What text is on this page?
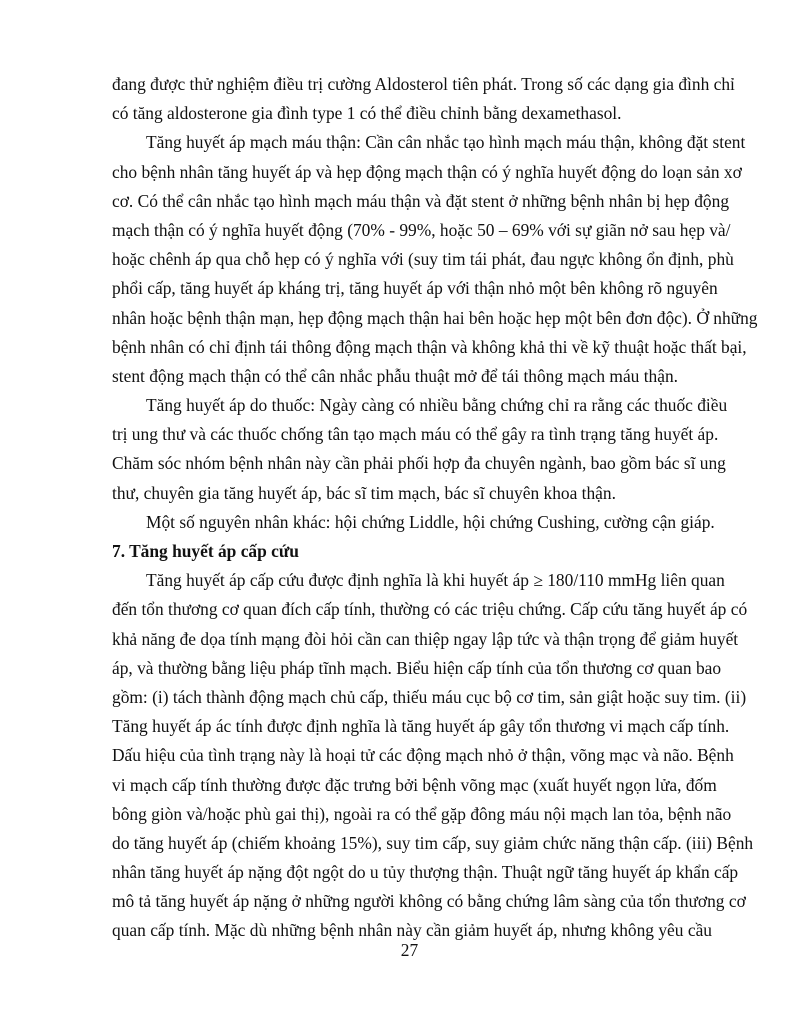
đang được thử nghiệm điều trị cường Aldosterol tiên phát. Trong số các dạng gia đình chỉ
có tăng aldosterone gia đình type 1 có thể điều chỉnh bằng dexamethasol.
Tăng huyết áp mạch máu thận: Cần cân nhắc tạo hình mạch máu thận, không đặt stent
cho bệnh nhân tăng huyết áp và hẹp động mạch thận có ý nghĩa huyết động do loạn sản xơ
cơ. Có thể cân nhắc tạo hình mạch máu thận và đặt stent ở những bệnh nhân bị hẹp động
mạch thận có ý nghĩa huyết động (70% - 99%, hoặc 50 – 69% với sự giãn nở sau hẹp và/
hoặc chênh áp qua chỗ hẹp có ý nghĩa với (suy tim tái phát, đau ngực không ổn định, phù
phổi cấp, tăng huyết áp kháng trị, tăng huyết áp với thận nhỏ một bên không rõ nguyên
nhân hoặc bệnh thận mạn, hẹp động mạch thận hai bên hoặc hẹp một bên đơn độc). Ở những
bệnh nhân có chỉ định tái thông động mạch thận và không khả thi về kỹ thuật hoặc thất bại,
stent động mạch thận có thể cân nhắc phẫu thuật mở để tái thông mạch máu thận.
Tăng huyết áp do thuốc: Ngày càng có nhiều bằng chứng chỉ ra rằng các thuốc điều
trị ung thư và các thuốc chống tân tạo mạch máu có thể gây ra tình trạng tăng huyết áp.
Chăm sóc nhóm bệnh nhân này cần phải phối hợp đa chuyên ngành, bao gồm bác sĩ ung
thư, chuyên gia tăng huyết áp, bác sĩ tim mạch, bác sĩ chuyên khoa thận.
Một số nguyên nhân khác: hội chứng Liddle, hội chứng Cushing, cường cận giáp.
7. Tăng huyết áp cấp cứu
Tăng huyết áp cấp cứu được định nghĩa là khi huyết áp ≥ 180/110 mmHg liên quan
đến tổn thương cơ quan đích cấp tính, thường có các triệu chứng. Cấp cứu tăng huyết áp có
khả năng đe dọa tính mạng đòi hỏi cần can thiệp ngay lập tức và thận trọng để giảm huyết
áp, và thường bằng liệu pháp tĩnh mạch. Biểu hiện cấp tính của tổn thương cơ quan bao
gồm: (i) tách thành động mạch chủ cấp, thiếu máu cục bộ cơ tim, sản giật hoặc suy tim. (ii)
Tăng huyết áp ác tính được định nghĩa là tăng huyết áp gây tổn thương vi mạch cấp tính.
Dấu hiệu của tình trạng này là hoại tử các động mạch nhỏ ở thận, võng mạc và não. Bệnh
vi mạch cấp tính thường được đặc trưng bởi bệnh võng mạc (xuất huyết ngọn lửa, đốm
bông giòn và/hoặc phù gai thị), ngoài ra có thể gặp đông máu nội mạch lan tỏa, bệnh não
do tăng huyết áp (chiếm khoảng 15%), suy tim cấp, suy giảm chức năng thận cấp. (iii) Bệnh
nhân tăng huyết áp nặng đột ngột do u tủy thượng thận. Thuật ngữ tăng huyết áp khẩn cấp
mô tả tăng huyết áp nặng ở những người không có bằng chứng lâm sàng của tổn thương cơ
quan cấp tính. Mặc dù những bệnh nhân này cần giảm huyết áp, nhưng không yêu cầu
27
